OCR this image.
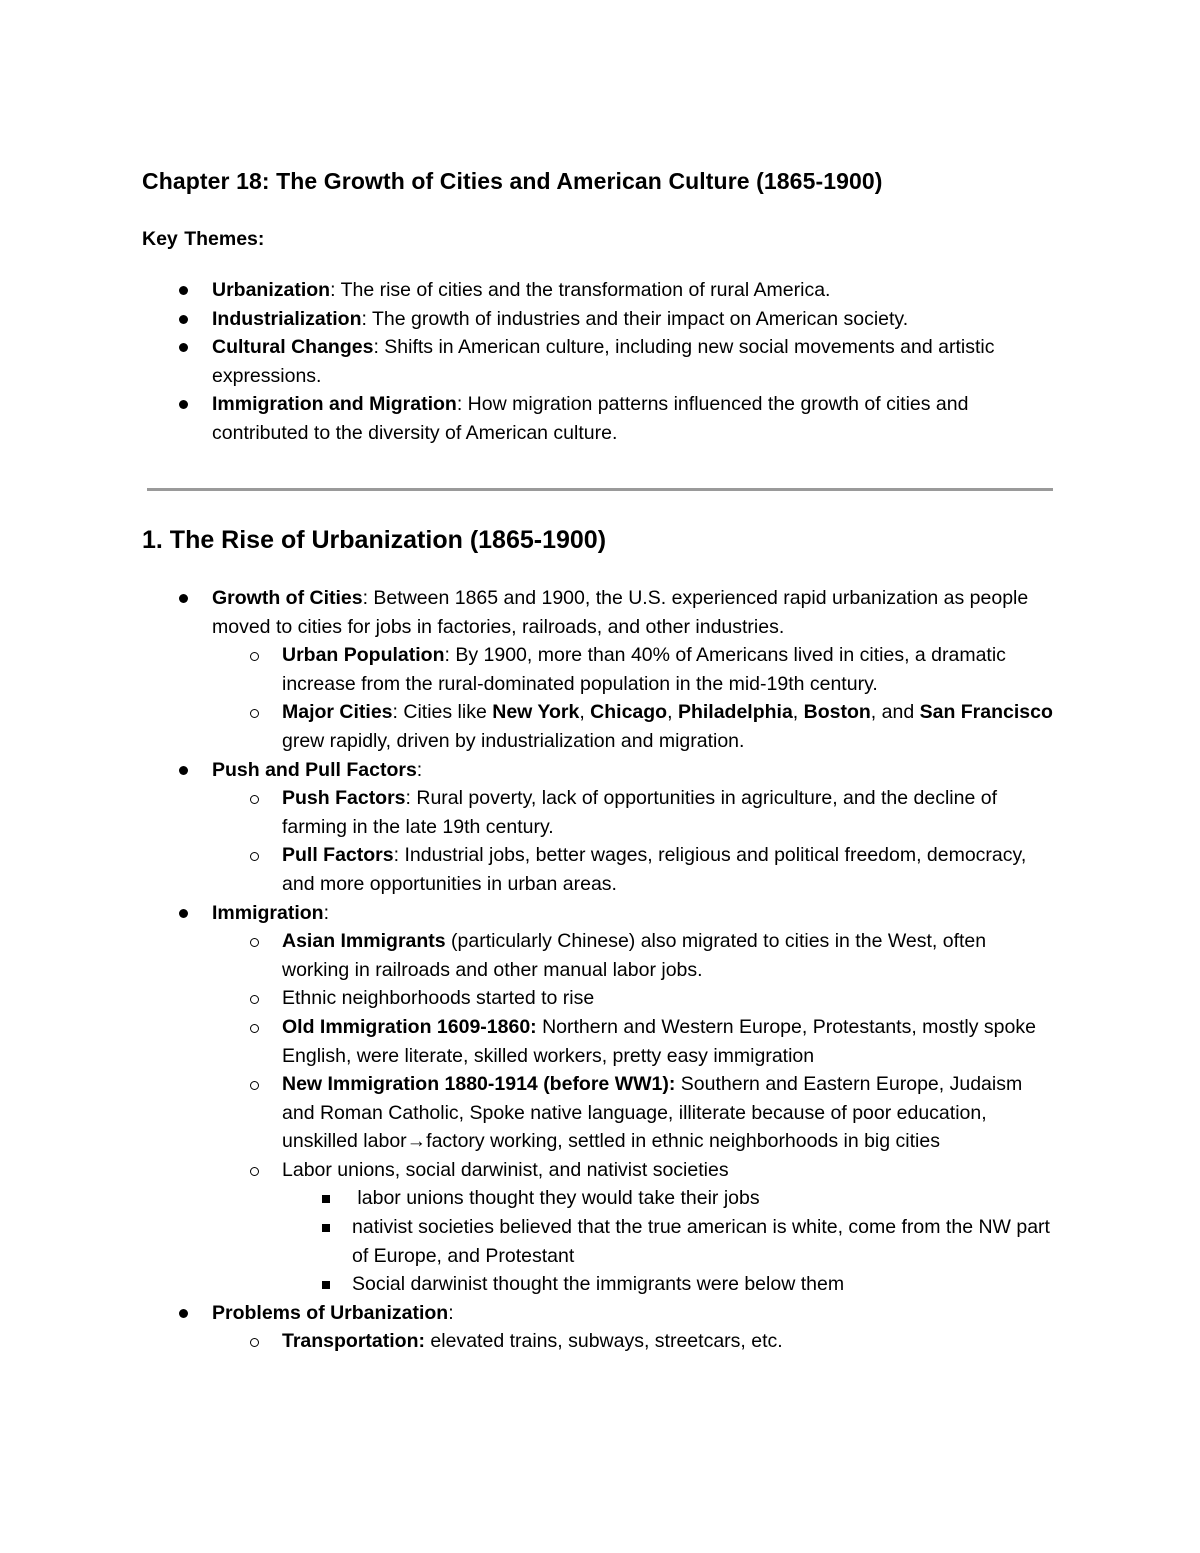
Chapter 18: The Growth of Cities and American Culture (1865-1900)

Key Themes:

Urbanization: The rise of cities and the transformation of rural America.
Industrialization: The growth of industries and their impact on American society.
Cultural Changes: Shifts in American culture, including new social movements and artistic expressions.
Immigration and Migration: How migration patterns influenced the growth of cities and contributed to the diversity of American culture.
1. The Rise of Urbanization (1865-1900)
Growth of Cities: Between 1865 and 1900, the U.S. experienced rapid urbanization as people moved to cities for jobs in factories, railroads, and other industries.
Urban Population: By 1900, more than 40% of Americans lived in cities, a dramatic increase from the rural-dominated population in the mid-19th century.
Major Cities: Cities like New York, Chicago, Philadelphia, Boston, and San Francisco grew rapidly, driven by industrialization and migration.
Push and Pull Factors:
Push Factors: Rural poverty, lack of opportunities in agriculture, and the decline of farming in the late 19th century.
Pull Factors: Industrial jobs, better wages, religious and political freedom, democracy, and more opportunities in urban areas.
Immigration:
Asian Immigrants (particularly Chinese) also migrated to cities in the West, often working in railroads and other manual labor jobs.
Ethnic neighborhoods started to rise
Old Immigration 1609-1860: Northern and Western Europe, Protestants, mostly spoke English, were literate, skilled workers, pretty easy immigration
New Immigration 1880-1914 (before WW1): Southern and Eastern Europe, Judaism and Roman Catholic, Spoke native language, illiterate because of poor education, unskilled labor→factory working, settled in ethnic neighborhoods in big cities
Labor unions, social darwinist, and nativist societies
labor unions thought they would take their jobs
nativist societies believed that the true american is white, come from the NW part of Europe, and Protestant
Social darwinist thought the immigrants were below them
Problems of Urbanization:
Transportation: elevated trains, subways, streetcars, etc.
